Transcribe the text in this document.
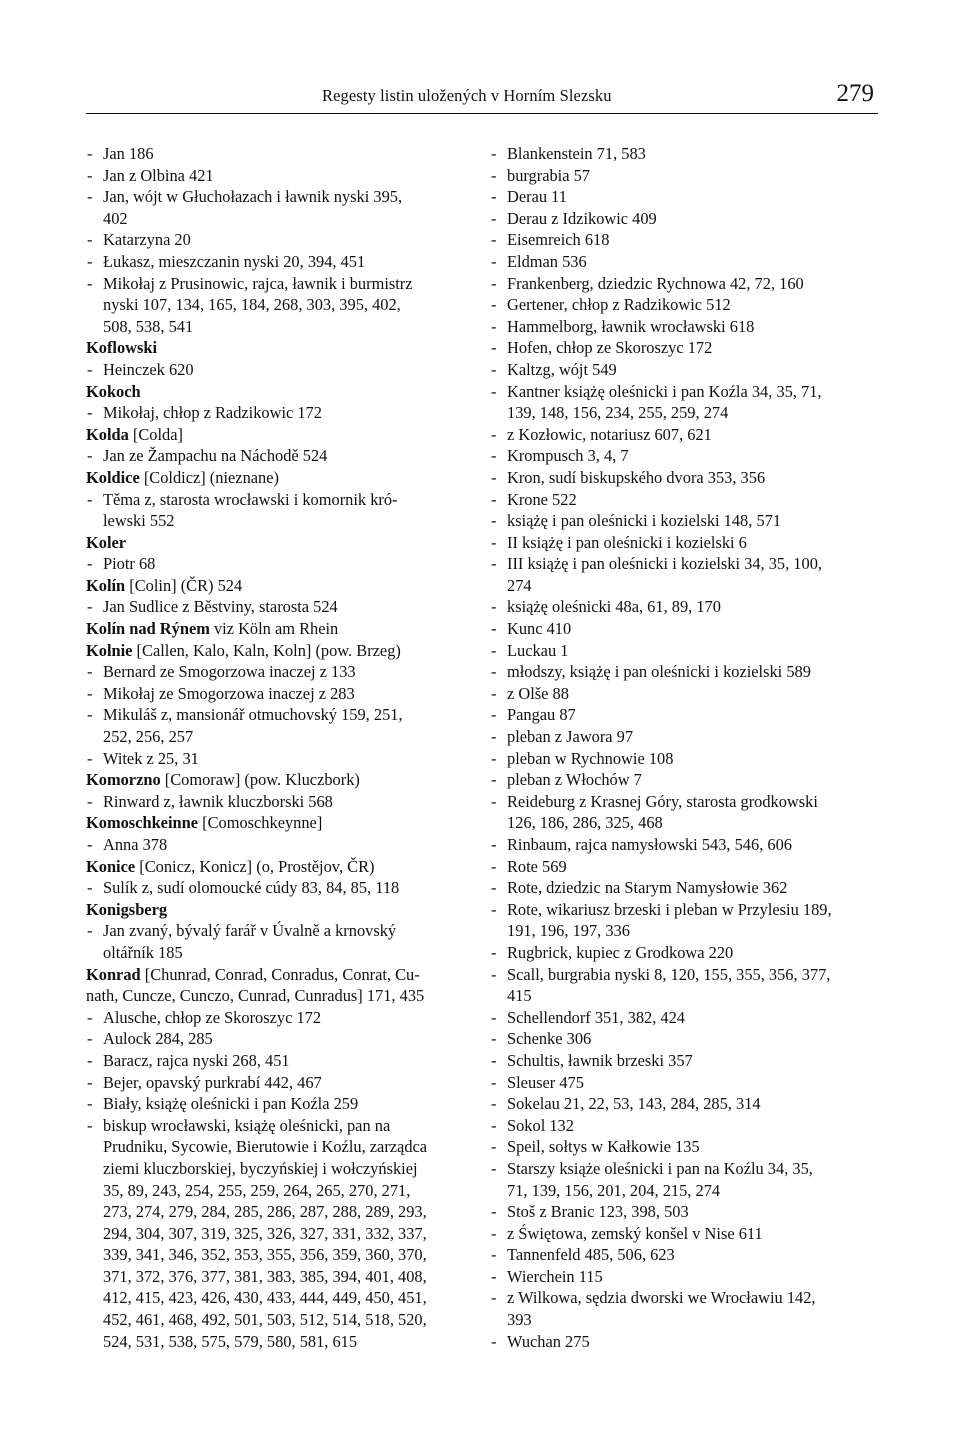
Regesty listin uložených v Horním Slezsku	279
- Jan 186
- Jan z Olbina 421
- Jan, wójt w Głuchołazach i ławnik nyski 395,
402
- Katarzyna 20
- Łukasz, mieszczanin nyski 20, 394, 451
- Mikołaj z Prusinowic, rajca, ławnik i burmistrz
nyski 107, 134, 165, 184, 268, 303, 395, 402,
508, 538, 541
Koflowski
- Heinczek 620
Kokoch
- Mikołaj, chłop z Radzikowic 172
Kolda [Colda]
- Jan ze Žampachu na Náchodě 524
Koldice [Coldicz] (nieznane)
- Těma z, starosta wrocławski i komornik kró-
lewski 552
Koler
- Piotr 68
Kolín [Colin] (ČR) 524
- Jan Sudlice z Běstviny, starosta 524
Kolín nad Rýnem viz Köln am Rhein
Kolnie [Callen, Kalo, Kaln, Koln] (pow. Brzeg)
- Bernard ze Smogorzowa inaczej z 133
- Mikołaj ze Smogorzowa inaczej z 283
- Mikuláš z, mansionář otmuchovský 159, 251,
252, 256, 257
- Witek z 25, 31
Komorzno [Comoraw] (pow. Kluczbork)
- Rinward z, ławnik kluczborski 568
Komoschkeinne [Comoschkeynne]
- Anna 378
Konice [Conicz, Konicz] (o, Prostějov, ČR)
- Sulík z, sudí olomoucké cúdy 83, 84, 85, 118
Konigsberg
- Jan zvaný, bývalý farář v Úvalně a krnovský
oltářník 185
Konrad [Chunrad, Conrad, Conradus, Conrat, Cu-
nath, Cuncze, Cunczo, Cunrad, Cunradus] 171, 435
- Alusche, chłop ze Skoroszyc 172
- Aulock 284, 285
- Baracz, rajca nyski 268, 451
- Bejer, opavský purkrabí 442, 467
- Biały, książę oleśnicki i pan Koźla 259
- biskup wrocławski, książę oleśnicki, pan na
Prudniku, Sycowie, Bierutowie i Koźlu, zarządca
ziemi kluczborskiej, byczyńskiej i wołczyńskiej
35, 89, 243, 254, 255, 259, 264, 265, 270, 271,
273, 274, 279, 284, 285, 286, 287, 288, 289, 293,
294, 304, 307, 319, 325, 326, 327, 331, 332, 337,
339, 341, 346, 352, 353, 355, 356, 359, 360, 370,
371, 372, 376, 377, 381, 383, 385, 394, 401, 408,
412, 415, 423, 426, 430, 433, 444, 449, 450, 451,
452, 461, 468, 492, 501, 503, 512, 514, 518, 520,
524, 531, 538, 575, 579, 580, 581, 615
- Blankenstein 71, 583
- burgrabia 57
- Derau 11
- Derau z Idzikowic 409
- Eisemreich 618
- Eldman 536
- Frankenberg, dziedzic Rychnowa 42, 72, 160
- Gertener, chłop z Radzikowic 512
- Hammelborg, ławnik wrocławski 618
- Hofen, chłop ze Skoroszyc 172
- Kaltzg, wójt 549
- Kantner książę oleśnicki i pan Koźla 34, 35, 71,
139, 148, 156, 234, 255, 259, 274
- z Kozłowic, notariusz 607, 621
- Krompusch 3, 4, 7
- Kron, sudí biskupského dvora 353, 356
- Krone 522
- książę i pan oleśnicki i kozielski 148, 571
- II książę i pan oleśnicki i kozielski 6
- III książę i pan oleśnicki i kozielski 34, 35, 100,
274
- książę oleśnicki 48a, 61, 89, 170
- Kunc 410
- Luckau 1
- młodszy, książę i pan oleśnicki i kozielski 589
- z Olše 88
- Pangau 87
- pleban z Jawora 97
- pleban w Rychnowie 108
- pleban z Włochów 7
- Reideburg z Krasnej Góry, starosta grodkowski
126, 186, 286, 325, 468
- Rinbaum, rajca namysłowski 543, 546, 606
- Rote 569
- Rote, dziedzic na Starym Namysłowie 362
- Rote, wikariusz brzeski i pleban w Przylesiu 189,
191, 196, 197, 336
- Rugbrick, kupiec z Grodkowa 220
- Scall, burgrabia nyski 8, 120, 155, 355, 356, 377,
415
- Schellendorf 351, 382, 424
- Schenke 306
- Schultis, ławnik brzeski 357
- Sleuser 475
- Sokelau 21, 22, 53, 143, 284, 285, 314
- Sokol 132
- Speil, sołtys w Kałkowie 135
- Starszy książe oleśnicki i pan na Koźlu 34, 35,
71, 139, 156, 201, 204, 215, 274
- Stoš z Branic 123, 398, 503
- z Świętowa, zemský konšel v Nise 611
- Tannenfeld 485, 506, 623
- Wierchein 115
- z Wilkowa, sędzia dworski we Wrocławiu 142,
393
- Wuchan 275
